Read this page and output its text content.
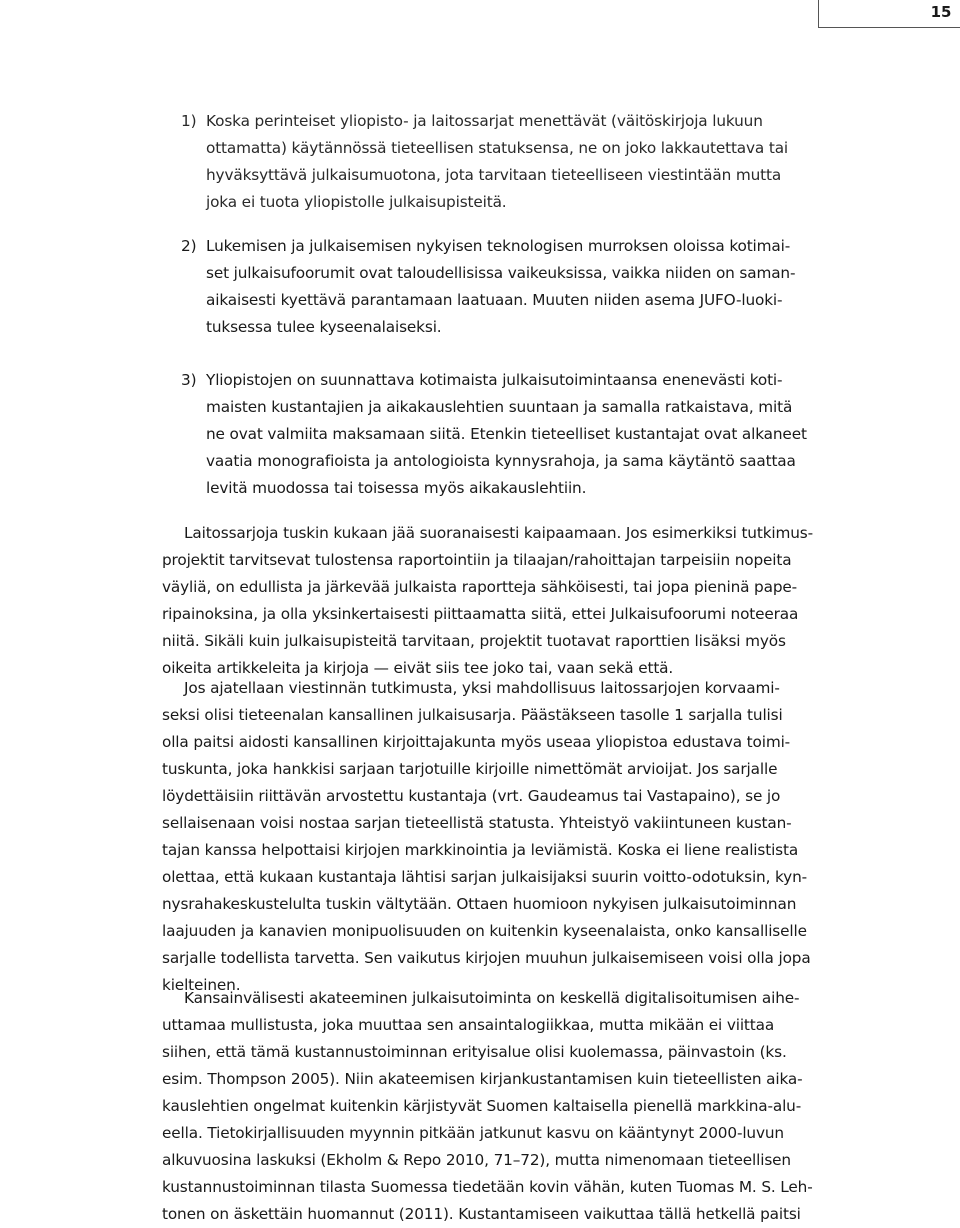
15
1) Koska perinteiset yliopisto- ja laitossarjat menettävät (väitöskirjoja lukuun
ottamatta) käytännössä tieteellisen statuksensa, ne on joko lakkautettava tai
hyväksyttävä julkaisumuotona, jota tarvitaan tieteelliseen viestintään mutta
joka ei tuota yliopistolle julkaisupisteitä.
2) Lukemisen ja julkaisemisen nykyisen teknologisen murroksen oloissa kotimai-
set julkaisufoorumit ovat taloudellisissa vaikeuksissa, vaikka niiden on saman-
aikaisesti kyettävä parantamaan laatuaan. Muuten niiden asema JUFO-luoki-
tuksessa tulee kyseenalaiseksi.
3) Yliopistojen on suunnattava kotimaista julkaisutoimintaansa enenevästi koti-
maisten kustantajien ja aikakauslehtien suuntaan ja samalla ratkaistava, mitä
ne ovat valmiita maksamaan siitä. Etenkin tieteelliset kustantajat ovat alkaneet
vaatia monografioista ja antologioista kynnysrahoja, ja sama käytäntö saattaa
levitä muodossa tai toisessa myös aikakauslehtiin.
Laitossarjoja tuskin kukaan jää suoranaisesti kaipaamaan. Jos esimerkiksi tutkimus-
projektit tarvitsevat tulostensa raportointiin ja tilaajan/rahoittajan tarpeisiin nopeita
väyliä, on edullista ja järkevää julkaista raportteja sähköisesti, tai jopa pieninä pape-
ripainoksina, ja olla yksinkertaisesti piittaamatta siitä, ettei Julkaisufoorumi noteeraa
niitä. Sikäli kuin julkaisupisteitä tarvitaan, projektit tuotavat raporttien lisäksi myös
oikeita artikkeleita ja kirjoja — eivät siis tee joko tai, vaan sekä että.
Jos ajatellaan viestinnän tutkimusta, yksi mahdollisuus laitossarjojen korvaami-
seksi olisi tieteenalan kansallinen julkaisusarja. Päästäkseen tasolle 1 sarjalla tulisi
olla paitsi aidosti kansallinen kirjoittajakunta myös useaa yliopistoa edustava toimi-
tuskunta, joka hankkisi sarjaan tarjotuille kirjoille nimettömät arvioijat. Jos sarjalle
löydettäisiin riittävän arvostettu kustantaja (vrt. Gaudeamus tai Vastapaino), se jo
sellaisenaan voisi nostaa sarjan tieteellistä statusta. Yhteistyö vakiintuneen kustan-
tajan kanssa helpottaisi kirjojen markkinointia ja leviämistä. Koska ei liene realistista
olettaa, että kukaan kustantaja lähtisi sarjan julkaisijaksi suurin voitto-odotuksin, kyn-
nysrahakeskustelulta tuskin vältytään. Ottaen huomioon nykyisen julkaisutoiminnan
laajuuden ja kanavien monipuolisuuden on kuitenkin kyseenalaista, onko kansalliselle
sarjalle todellista tarvetta. Sen vaikutus kirjojen muuhun julkaisemiseen voisi olla jopa
kielteinen.
Kansainvälisesti akateeminen julkaisutoiminta on keskellä digitalisoitumisen aihe-
uttamaa mullistusta, joka muuttaa sen ansaintalogiikkaa, mutta mikään ei viittaa
siihen, että tämä kustannustoiminnan erityisalue olisi kuolemassa, päinvastoin (ks.
esim. Thompson 2005). Niin akateemisen kirjankustantamisen kuin tieteellisten aika-
kauslehtien ongelmat kuitenkin kärjistyvät Suomen kaltaisella pienellä markkina-alu-
eella. Tietokirjallisuuden myynnin pitkään jatkunut kasvu on kääntynyt 2000-luvun
alkuvuosina laskuksi (Ekholm & Repo 2010, 71–72), mutta nimenomaan tieteellisen
kustannustoiminnan tilasta Suomessa tiedetään kovin vähän, kuten Tuomas M. S. Leh-
tonen on äskettäin huomannut (2011). Kustantamiseen vaikuttaa tällä hetkellä paitsi
